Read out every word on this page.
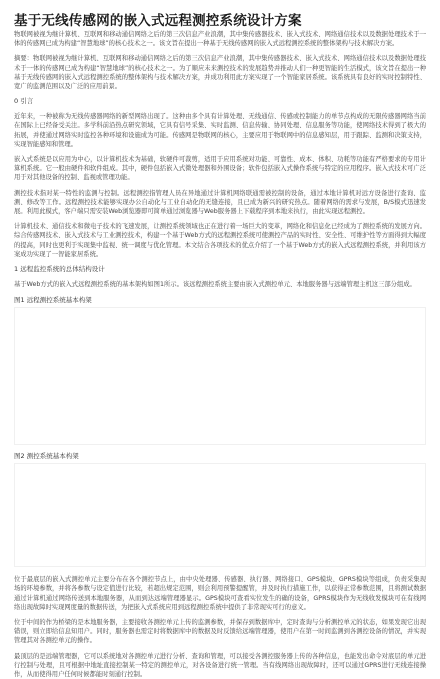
基于无线传感网的嵌入式远程测控系统设计方案

物联网被视为继计算机、互联网和移动通信网络之后的第三次信息产业浪潮，其中集传感器技术、嵌入式技术、网络通信技术以及数据处理技术于一体的传感网已成为构建“智慧地球”的核心技术之一。该文旨在提出一种基于无线传感网的嵌入式远程测控系统的整体架构与技术解决方案。

摘要：物联网被视为继计算机、互联网和移动通信网络之后的第三次信息产业浪潮，其中集传感器技术、嵌入式技术、网络通信技术以及数据处理技术于一体的传感网已成为构建“智慧地球”的核心技术之一。为了顺应未来测控技术的发展趋势并推动人们一种更智能的生活模式，该文旨在提出一种基于无线传感网的嵌入式远程测控系统的整体架构与技术解决方案，并成功利用此方案实现了一个智能家居系统。该系统具有良好的实时控制特性、宽广的监测范围以及广泛的应用前景。

0 引言

近年来，一种被称为无线传感器网络的新型网络出现了。这种由多个具有计算处理、无线通信、传感或控制能力的单节点构成的无限传感器网络当前在国际上已经备受关注。多学科前沿热点研究领域，它具有信号采集、实时监测、信息传输、协同处理、信息服务等功能，使网络技术得到了极大的拓展，并使通过网络实时监控各种环境和设施成为可能。传感网是物联网的核心，主要应用于物联网中的信息感知层，用于跟踪、监测和决策支持，实现智能感知和管理。

嵌入式系统是以应用为中心，以计算机技术为基础，软硬件可裁剪，适用于应用系统对功能、可靠性、成本、体积、功耗等功能有严格要求的专用计算机系统。它一般由硬件和软件组成。其中，硬件包括嵌入式微处理器和外围设备；软件包括嵌入式操作系统与特定的应用程序。嵌入式技术可广泛用于对其他设备的控制、监视或管理功能。

测控技术指对某一特性的监测与控制。远程测控指管理人员在异地通过计算机网络联通需被控制的设备，通过本地计算机对远方设备进行查询、监测、修改等工作。远程测控技术能够实现办公自动化与工业自动化的无缝连接，且已成为新兴的研究热点。随着网络的需求与发展，B/S模式迅速发展。利用此模式，客户端只需安装Web浏览器即可简单通过浏览器与Web服务器上下载程序到本地来执行，由此实现远程测控。

计算机技术、通信技术和微电子技术的飞速发展，让测控系统领域也正在进行着一场巨大的变革，网络化和信息化已经成为了测控系统的发展方向。综合传感网技术、嵌入式技术与工业测控技术，构建一个基于Web方式的远程测控系统可使测控产品的实时性、安全性、可维护性等方面得到大幅度的提高，同时也更利于实现集中监视、统一调度与优化管理。本文结合各项技术的优点介绍了一个基于Web方式的嵌入式远程测控系统，并利用该方案成功实现了一智能家居系统。

1 远程监控系统的总体结构设计

基于Web方式的嵌入式远程测控系统的基本架构如图1所示。该远程测控系统主要由嵌入式测控单元、本地服务器与远端管理主机这三部分组成。

图1 远程测控系统基本构架
图2 测控系统基本构架

位于最底层的嵌入式测控单元主要分布在各个测控节点上，由中央处理器、传感器、执行器、网络接口、GPS模块、GPRS模块等组成，负责采集现场的环境参数，并将各参数与设定值进行比较，若超出规定范围，则会利用预警提醒管，并及时执行措施工作，以获得正常参数范围，且将测试数据通过计算机通过网络传送到本地服务器，从而到达远端管理器显示。GPS模块可查看实位发生的确的设备，GPRS模块作为无线收发模块可在有线网络出现故障时实现网度量的数据传送，为把嵌入式系统应用到远程测控系统中提供了非常现实可行的意义。

位于中间的作为桥梁的是本地服务器，主要接收各测控单元上传的监测参数，并保存到数据库中，定时查询与分析测控单元的状态，如果发现它出现错误，则立即给信息知用户。同时，服务器也需定时将数据库中的数据及时反馈给远端管理器，使用户在第一时间监测到各测控设备的情况，并实现管理其对各测控单元的操作。

最顶层的是远端管理器，它可以系统地对各测控单元进行分析、查询和管理，可以接受各测控服务器上传的各种信息，也能发出命令对底层的单元进行控制与处理，且可根据中地址直接控制某一特定的测控单元，对各设备进行统一管理。当有线网络出现故障时，还可以通过GPRS进行无线连接操作，从而使得用户任何时候都能时刻通行控制。
